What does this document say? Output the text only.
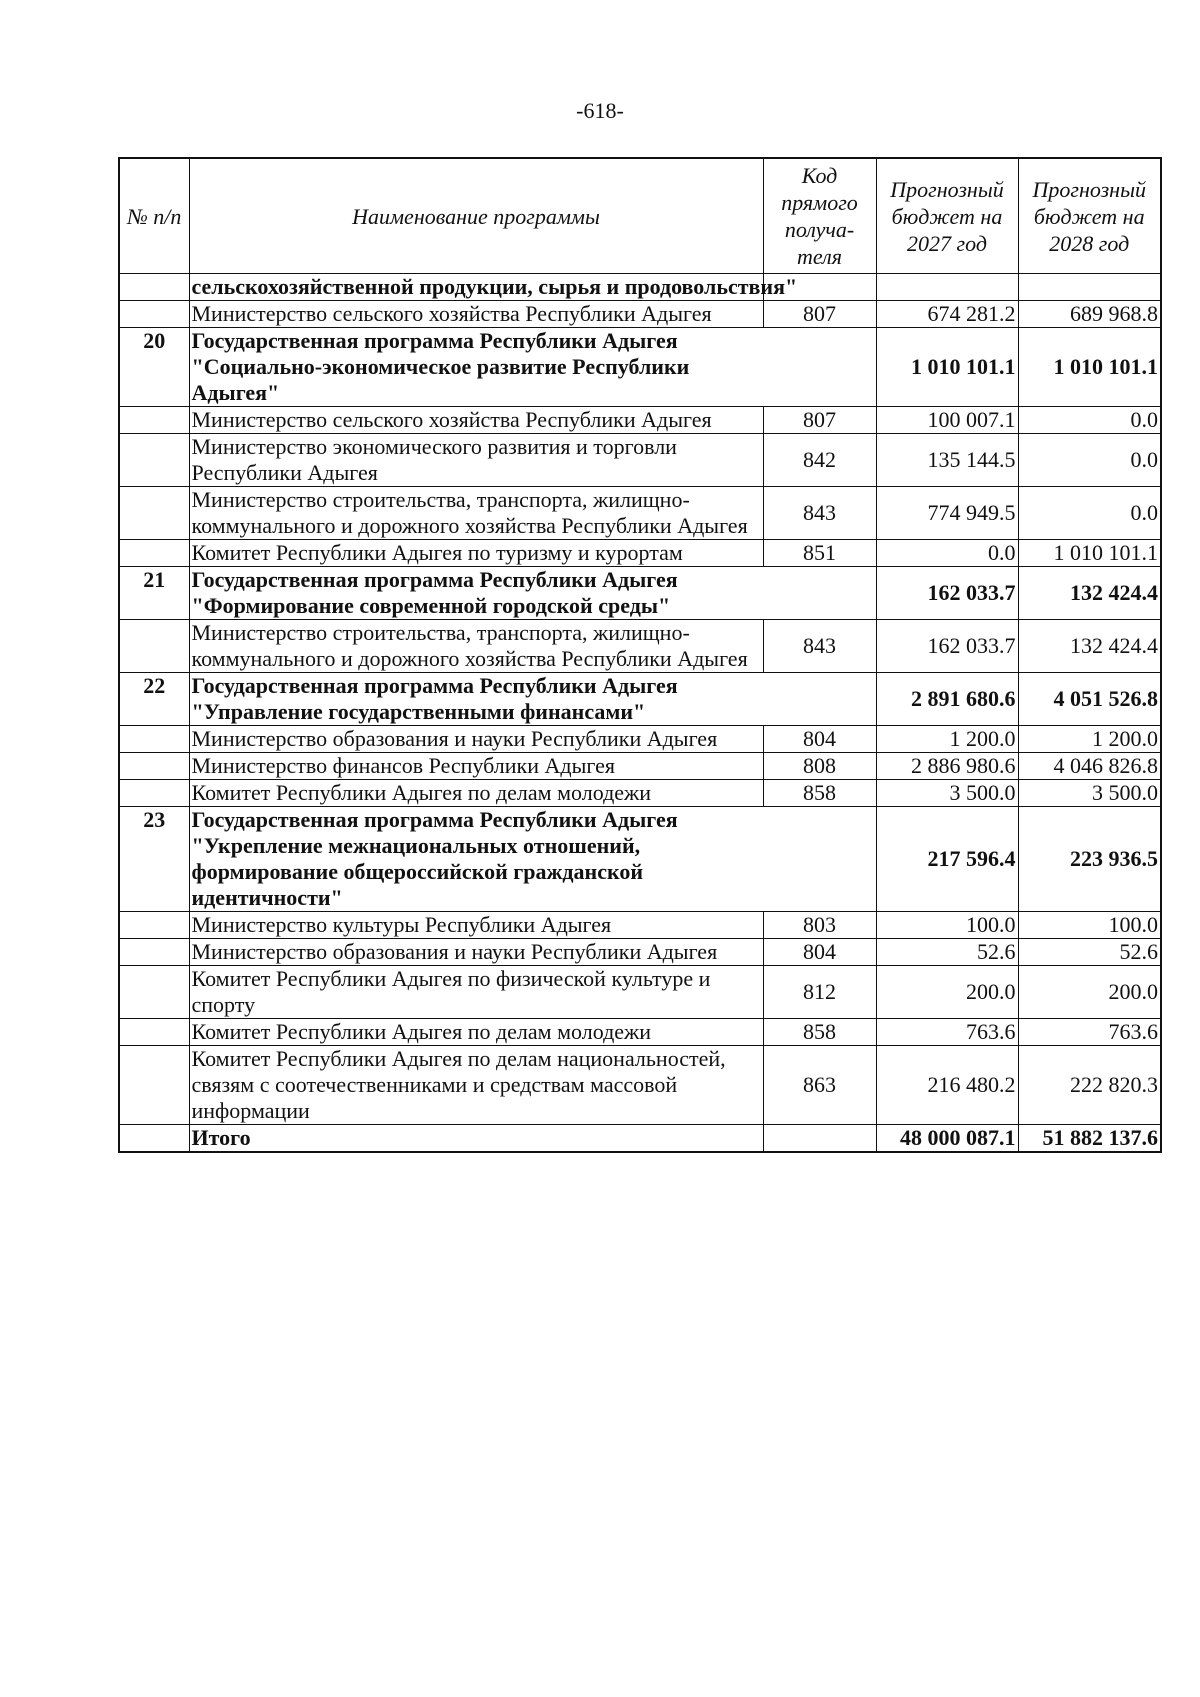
-618-
№ п/п	Наименование программы	Код прямого получа-теля	Прогнозный бюджет на 2027 год	Прогнозный бюджет на 2028 год
	сельскохозяйственной продукции, сырья и продовольствия"			
	Министерство сельского хозяйства Республики Адыгея	807	674 281.2	689 968.8
20	Государственная программа Республики Адыгея "Социально-экономическое развитие Республики Адыгея"		1 010 101.1	1 010 101.1
	Министерство сельского хозяйства Республики Адыгея	807	100 007.1	0.0
	Министерство экономического развития и торговли Республики Адыгея	842	135 144.5	0.0
	Министерство строительства, транспорта, жилищно-коммунального и дорожного хозяйства Республики Адыгея	843	774 949.5	0.0
	Комитет Республики Адыгея по туризму и курортам	851	0.0	1 010 101.1
21	Государственная программа Республики Адыгея "Формирование современной городской среды"		162 033.7	132 424.4
	Министерство строительства, транспорта, жилищно-коммунального и дорожного хозяйства Республики Адыгея	843	162 033.7	132 424.4
22	Государственная программа Республики Адыгея "Управление государственными финансами"		2 891 680.6	4 051 526.8
	Министерство образования и науки Республики Адыгея	804	1 200.0	1 200.0
	Министерство финансов Республики Адыгея	808	2 886 980.6	4 046 826.8
	Комитет Республики Адыгея по делам молодежи	858	3 500.0	3 500.0
23	Государственная программа Республики Адыгея "Укрепление межнациональных отношений, формирование общероссийской гражданской идентичности"		217 596.4	223 936.5
	Министерство культуры Республики Адыгея	803	100.0	100.0
	Министерство образования и науки Республики Адыгея	804	52.6	52.6
	Комитет Республики Адыгея по физической культуре и спорту	812	200.0	200.0
	Комитет Республики Адыгея по делам молодежи	858	763.6	763.6
	Комитет Республики Адыгея по делам национальностей, связям с соотечественниками и средствам массовой информации	863	216 480.2	222 820.3
	Итого		48 000 087.1	51 882 137.6
